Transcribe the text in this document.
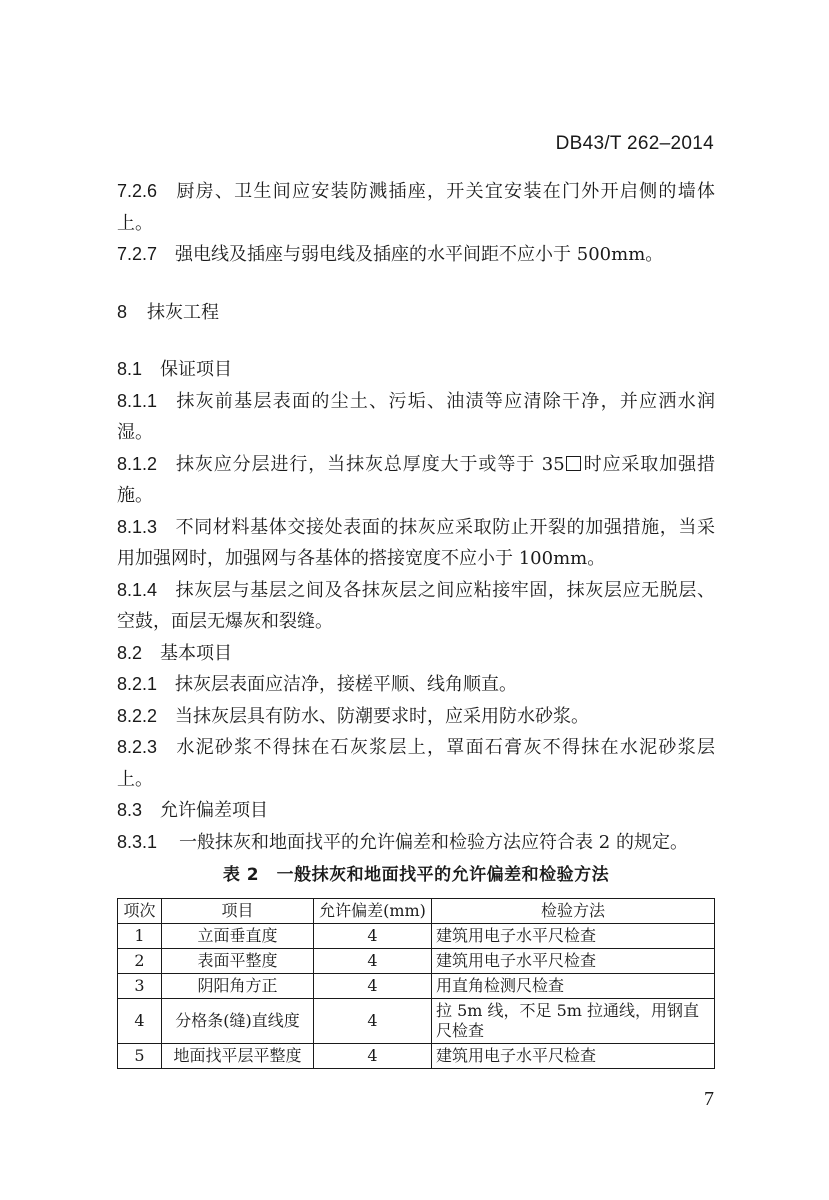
DB43/T 262–2014

7.2.6 厨房、卫生间应安装防溅插座，开关宜安装在门外开启侧的墙体上。

7.2.7 强电线及插座与弱电线及插座的水平间距不应小于 500mm。

8 抹灰工程

8.1 保证项目

8.1.1 抹灰前基层表面的尘土、污垢、油渍等应清除干净，并应洒水润湿。

8.1.2 抹灰应分层进行，当抹灰总厚度大于或等于 35 时应采取加强措施。

8.1.3 不同材料基体交接处表面的抹灰应采取防止开裂的加强措施，当采用加强网时，加强网与各基体的搭接宽度不应小于 100mm。

8.1.4 抹灰层与基层之间及各抹灰层之间应粘接牢固，抹灰层应无脱层、空鼓，面层无爆灰和裂缝。

8.2 基本项目

8.2.1 抹灰层表面应洁净，接槎平顺、线角顺直。

8.2.2 当抹灰层具有防水、防潮要求时，应采用防水砂浆。

8.2.3 水泥砂浆不得抹在石灰浆层上，罩面石膏灰不得抹在水泥砂浆层上。

8.3 允许偏差项目

8.3.1 一般抹灰和地面找平的允许偏差和检验方法应符合表 2 的规定。

表 2　一般抹灰和地面找平的允许偏差和检验方法
项次	项目	允许偏差(mm)	检验方法
1	立面垂直度	4	建筑用电子水平尺检查
2	表面平整度	4	建筑用电子水平尺检查
3	阴阳角方正	4	用直角检测尺检查
4	分格条(缝)直线度	4	拉 5m 线，不足 5m 拉通线，用钢直尺检查
5	地面找平层平整度	4	建筑用电子水平尺检查
7
